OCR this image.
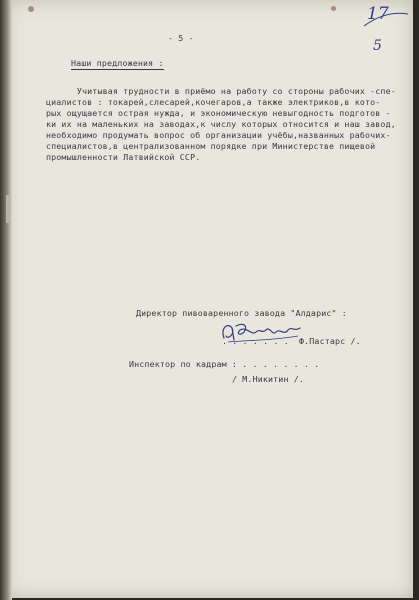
17
5
- 5 -
Наши предложения :
Учитывая трудности в приёмо на работу со стороны рабочих -спе-
циалистов : токарей,слесарей,кочегаров,а также электриков,в кото-
рых ощущается острая нужда, и экономическую невыгодность подготов -
ки их на маленьких на заводах,к числу которых относится и наш завод,
необходимо продумать вопрос об организации учёбы,названных рабочих-
специалистов,в централизованном порядке при Министерстве пищевой
промышленности Латвийской ССР.
Директор пивоваренного завода "Алдарис" :
. . . . . . . Ф.Пастарс /.
Инспектор по кадрам : . . . . . . . .
/ М.Никитин /.
